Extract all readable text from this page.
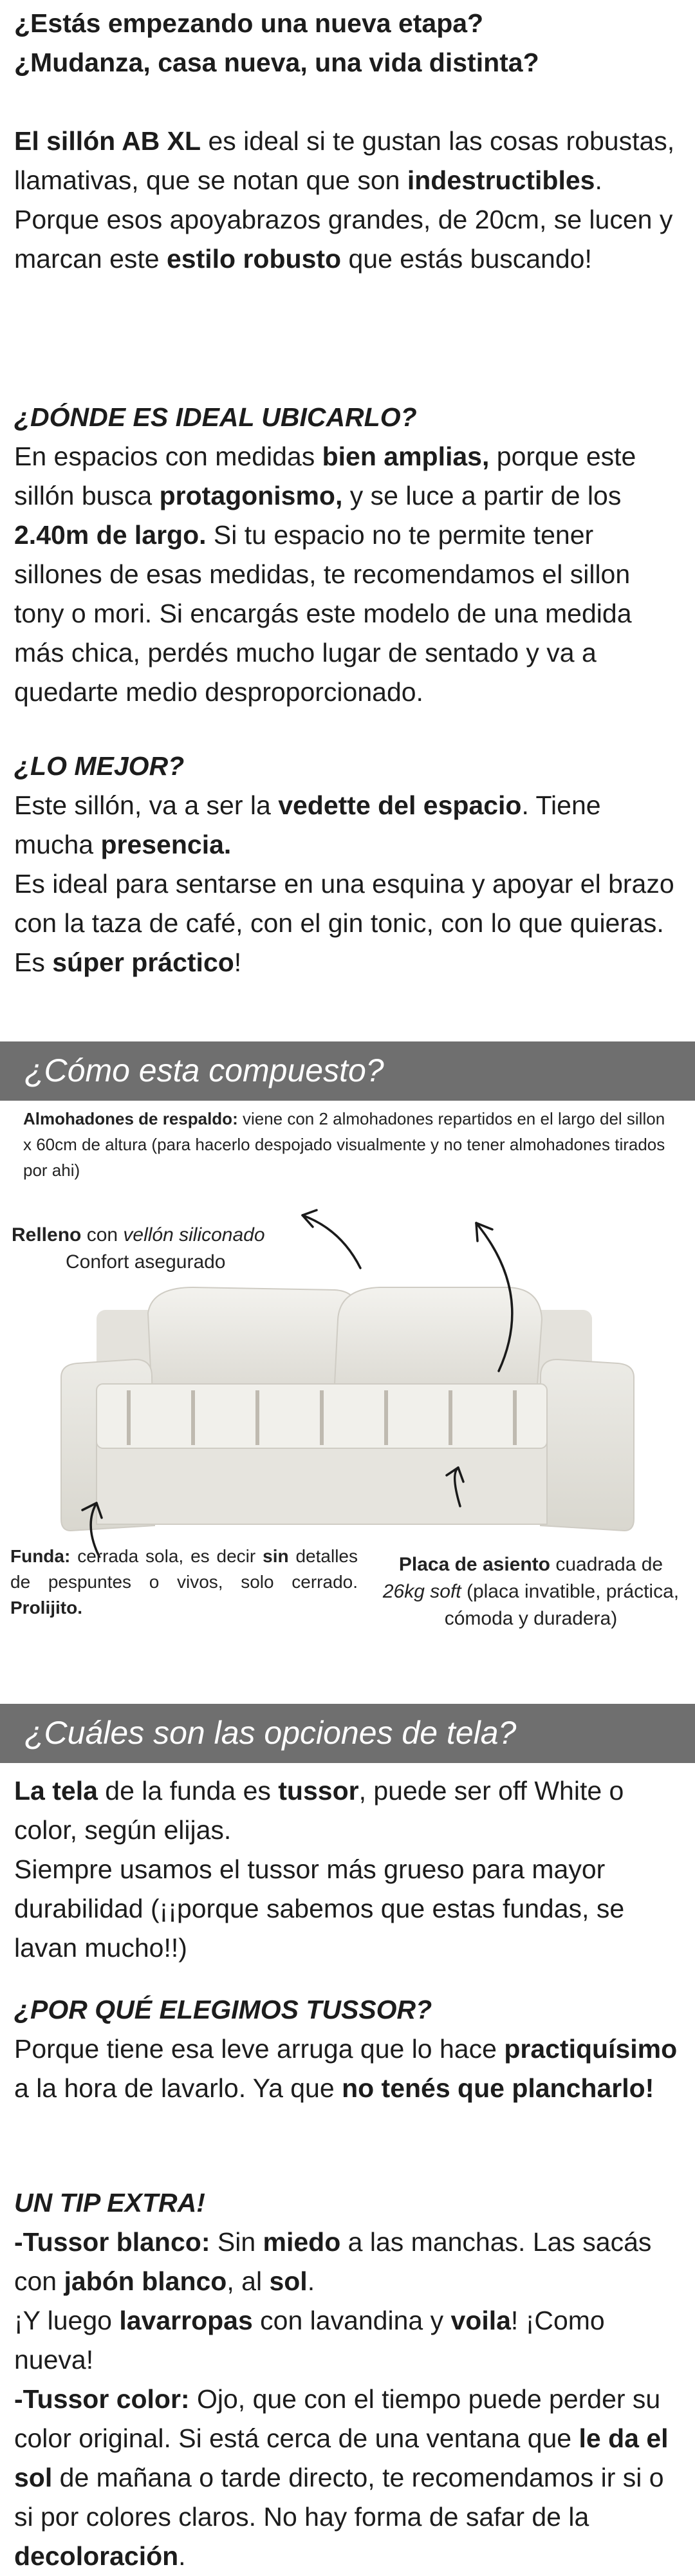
¿Estás empezando una nueva etapa?

¿Mudanza, casa nueva, una vida distinta?

El sillón AB XL es ideal si te gustan las cosas robustas, llamativas, que se notan que son indestructibles.

Porque esos apoyabrazos grandes, de 20cm, se lucen y marcan este estilo robusto que estás buscando!

¿DÓNDE ES IDEAL UBICARLO?

En espacios con medidas bien amplias, porque este sillón busca protagonismo, y se luce a partir de los 2.40m de largo. Si tu espacio no te permite tener sillones de esas medidas, te recomendamos el sillon tony o mori. Si encargás este modelo de una medida más chica, perdés mucho lugar de sentado y va a quedarte medio desproporcionado.

¿LO MEJOR?

Este sillón, va a ser la vedette del espacio. Tiene mucha presencia.

Es ideal para sentarse en una esquina y apoyar el brazo con la taza de café, con el gin tonic, con lo que quieras. Es súper práctico!

¿Cómo esta compuesto?
Almohadones de respaldo: viene con 2 almohadones repartidos en el largo del sillon x 60cm de altura (para hacerlo despojado visualmente y no tener almohadones tirados por ahi)
Relleno con vellón siliconado
Confort asegurado
Funda: cerrada sola, es decir sin detalles de pespuntes o vivos, solo cerrado. Prolijito.
Placa de asiento cuadrada de 26kg soft (placa invatible, práctica, cómoda y duradera)
¿Cuáles son las opciones de tela?

La tela de la funda es tussor, puede ser off White o color, según elijas.

Siempre usamos el tussor más grueso para mayor durabilidad (¡¡porque sabemos que estas fundas, se lavan mucho!!)

¿POR QUÉ ELEGIMOS TUSSOR?

Porque tiene esa leve arruga que lo hace practiquísimo a la hora de lavarlo. Ya que no tenés que plancharlo!

UN TIP EXTRA!

-Tussor blanco: Sin miedo a las manchas. Las sacás con jabón blanco, al sol.

¡Y luego lavarropas con lavandina y voila! ¡Como nueva!

-Tussor color: Ojo, que con el tiempo puede perder su color original. Si está cerca de una ventana que le da el sol de mañana o tarde directo, te recomendamos ir si o si por colores claros. No hay forma de safar de la decoloración.
